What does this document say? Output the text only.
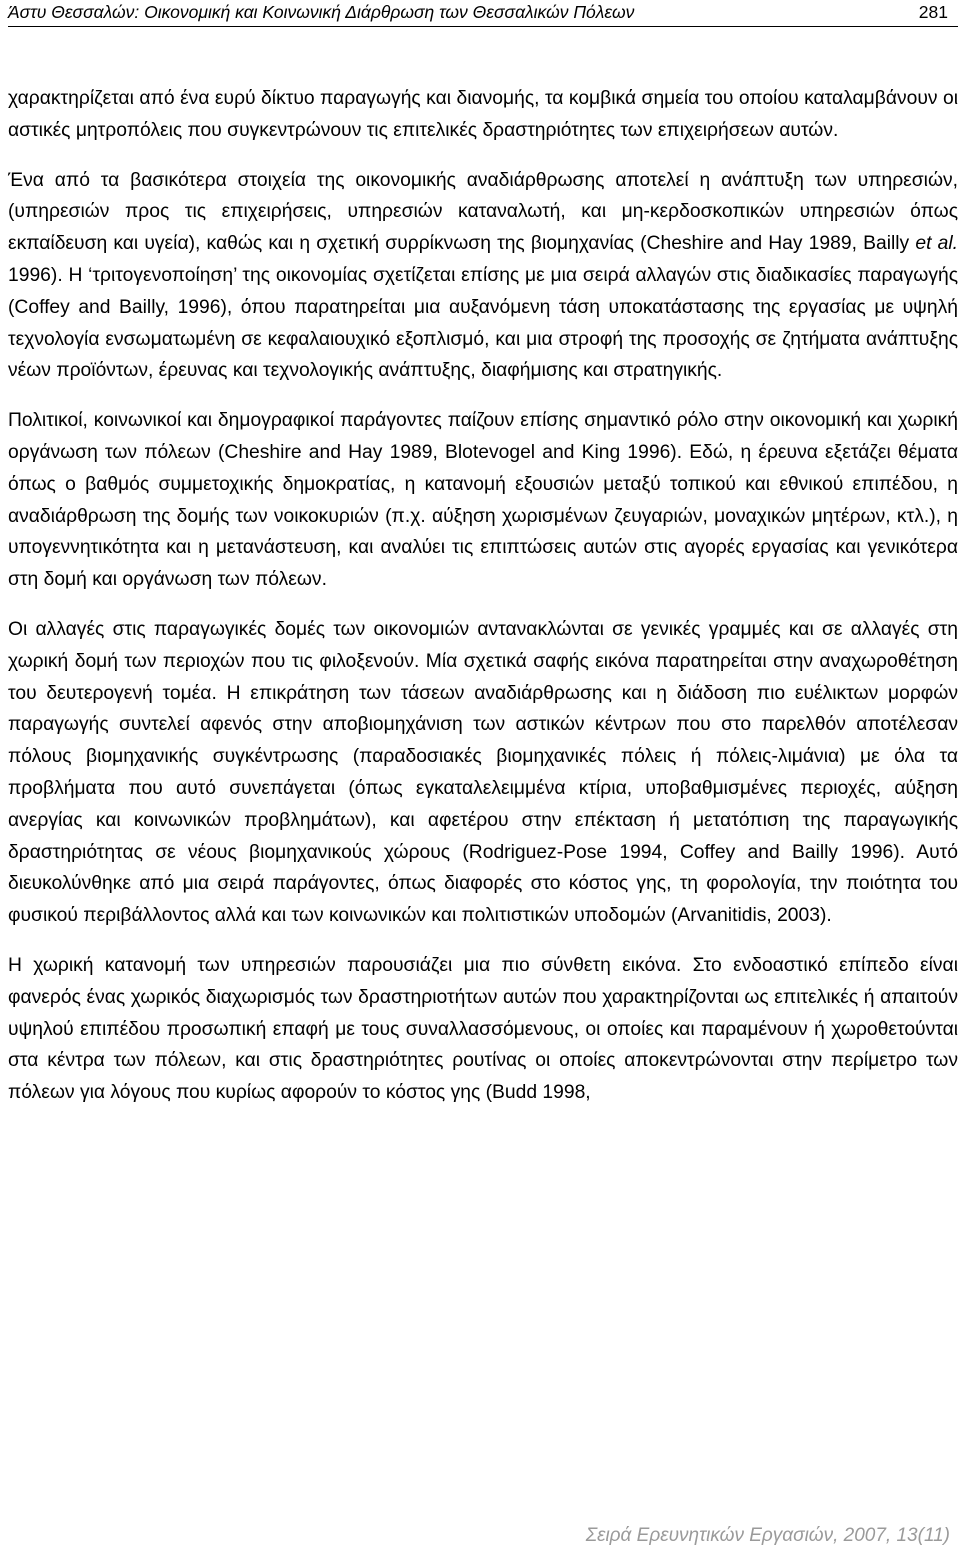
Άστυ Θεσσαλών: Οικονομική και Κοινωνική Διάρθρωση των Θεσσαλικών Πόλεων	281

χαρακτηρίζεται από ένα ευρύ δίκτυο παραγωγής και διανομής, τα κομβικά σημεία του οποίου καταλαμβάνουν οι αστικές μητροπόλεις που συγκεντρώνουν τις επιτελικές δραστηριότητες των επιχειρήσεων αυτών.

Ένα από τα βασικότερα στοιχεία της οικονομικής αναδιάρθρωσης αποτελεί η ανάπτυξη των υπηρεσιών, (υπηρεσιών προς τις επιχειρήσεις, υπηρεσιών καταναλωτή, και μη-κερδοσκοπικών υπηρεσιών όπως εκπαίδευση και υγεία), καθώς και η σχετική συρρίκνωση της βιομηχανίας (Cheshire and Hay 1989, Bailly et al. 1996). Η ‘τριτογενοποίηση’ της οικονομίας σχετίζεται επίσης με μια σειρά αλλαγών στις διαδικασίες παραγωγής (Coffey and Bailly, 1996), όπου παρατηρείται μια αυξανόμενη τάση υποκατάστασης της εργασίας με υψηλή τεχνολογία ενσωματωμένη σε κεφαλαιουχικό εξοπλισμό, και μια στροφή της προσοχής σε ζητήματα ανάπτυξης νέων προϊόντων, έρευνας και τεχνολογικής ανάπτυξης, διαφήμισης και στρατηγικής.

Πολιτικοί, κοινωνικοί και δημογραφικοί παράγοντες παίζουν επίσης σημαντικό ρόλο στην οικονομική και χωρική οργάνωση των πόλεων (Cheshire and Hay 1989, Blotevogel and King 1996). Εδώ, η έρευνα εξετάζει θέματα όπως ο βαθμός συμμετοχικής δημοκρατίας, η κατανομή εξουσιών μεταξύ τοπικού και εθνικού επιπέδου, η αναδιάρθρωση της δομής των νοικοκυριών (π.χ. αύξηση χωρισμένων ζευγαριών, μοναχικών μητέρων, κτλ.), η υπογεννητικότητα και η μετανάστευση, και αναλύει τις επιπτώσεις αυτών στις αγορές εργασίας και γενικότερα στη δομή και οργάνωση των πόλεων.

Οι αλλαγές στις παραγωγικές δομές των οικονομιών αντανακλώνται σε γενικές γραμμές και σε αλλαγές στη χωρική δομή των περιοχών που τις φιλοξενούν. Μία σχετικά σαφής εικόνα παρατηρείται στην αναχωροθέτηση του δευτερογενή τομέα. Η επικράτηση των τάσεων αναδιάρθρωσης και η διάδοση πιο ευέλικτων μορφών παραγωγής συντελεί αφενός στην αποβιομηχάνιση των αστικών κέντρων που στο παρελθόν αποτέλεσαν πόλους βιομηχανικής συγκέντρωσης (παραδοσιακές βιομηχανικές πόλεις ή πόλεις-λιμάνια) με όλα τα προβλήματα που αυτό συνεπάγεται (όπως εγκαταλελειμμένα κτίρια, υποβαθμισμένες περιοχές, αύξηση ανεργίας και κοινωνικών προβλημάτων), και αφετέρου στην επέκταση ή μετατόπιση της παραγωγικής δραστηριότητας σε νέους βιομηχανικούς χώρους (Rodriguez-Pose 1994, Coffey and Bailly 1996). Αυτό διευκολύνθηκε από μια σειρά παράγοντες, όπως διαφορές στο κόστος γης, τη φορολογία, την ποιότητα του φυσικού περιβάλλοντος αλλά και των κοινωνικών και πολιτιστικών υποδομών (Arvanitidis, 2003).

Η χωρική κατανομή των υπηρεσιών παρουσιάζει μια πιο σύνθετη εικόνα. Στο ενδοαστικό επίπεδο είναι φανερός ένας χωρικός διαχωρισμός των δραστηριοτήτων αυτών που χαρακτηρίζονται ως επιτελικές ή απαιτούν υψηλού επιπέδου προσωπική επαφή με τους συναλλασσόμενους, οι οποίες και παραμένουν ή χωροθετούνται στα κέντρα των πόλεων, και στις δραστηριότητες ρουτίνας οι οποίες αποκεντρώνονται στην περίμετρο των πόλεων για λόγους που κυρίως αφορούν το κόστος γης (Budd 1998,

Σειρά Ερευνητικών Εργασιών, 2007, 13(11)
